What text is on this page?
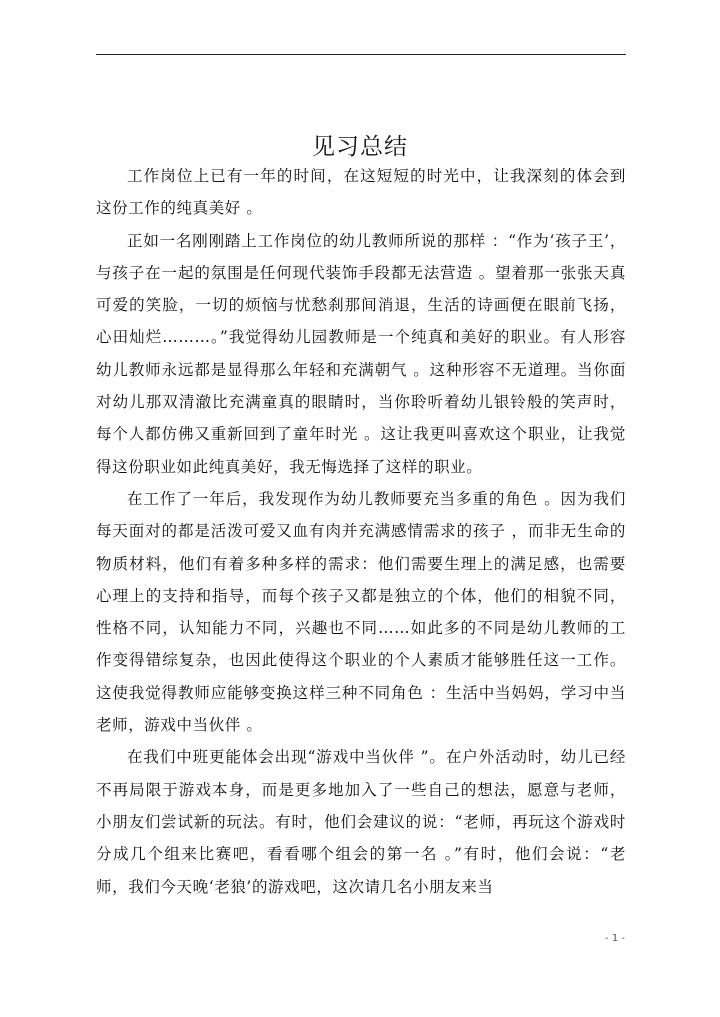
见习总结

工作岗位上已有一年的时间，在这短短的时光中，让我深刻的体会到这份工作的纯真美好 。

正如一名刚刚踏上工作岗位的幼儿教师所说的那样 ：“作为‘孩子王’，与孩子在一起的氛围是任何现代装饰手段都无法营造 。望着那一张张天真可爱的笑脸，一切的烦恼与忧愁刹那间消退，生活的诗画便在眼前飞扬，心田灿烂………。”我觉得幼儿园教师是一个纯真和美好的职业。有人形容幼儿教师永远都是显得那么年轻和充满朝气 。这种形容不无道理。当你面对幼儿那双清澈比充满童真的眼睛时，当你聆听着幼儿银铃般的笑声时，每个人都仿佛又重新回到了童年时光 。这让我更叫喜欢这个职业，让我觉得这份职业如此纯真美好，我无悔选择了这样的职业。

在工作了一年后，我发现作为幼儿教师要充当多重的角色 。因为我们每天面对的都是活泼可爱又血有肉并充满感情需求的孩子 ，而非无生命的物质材料，他们有着多种多样的需求：他们需要生理上的满足感，也需要心理上的支持和指导，而每个孩子又都是独立的个体，他们的相貌不同，性格不同，认知能力不同，兴趣也不同……如此多的不同是幼儿教师的工作变得错综复杂，也因此使得这个职业的个人素质才能够胜任这一工作。这使我觉得教师应能够变换这样三种不同角色 ：生活中当妈妈，学习中当老师，游戏中当伙伴 。

在我们中班更能体会出现“游戏中当伙伴 ”。在户外活动时，幼儿已经不再局限于游戏本身，而是更多地加入了一些自己的想法，愿意与老师，小朋友们尝试新的玩法。有时，他们会建议的说：“老师，再玩这个游戏时分成几个组来比赛吧，看看哪个组会的第一名 。”有时，他们会说：“老师，我们今天晚‘老狼’的游戏吧，这次请几名小朋友来当

- 1 -
